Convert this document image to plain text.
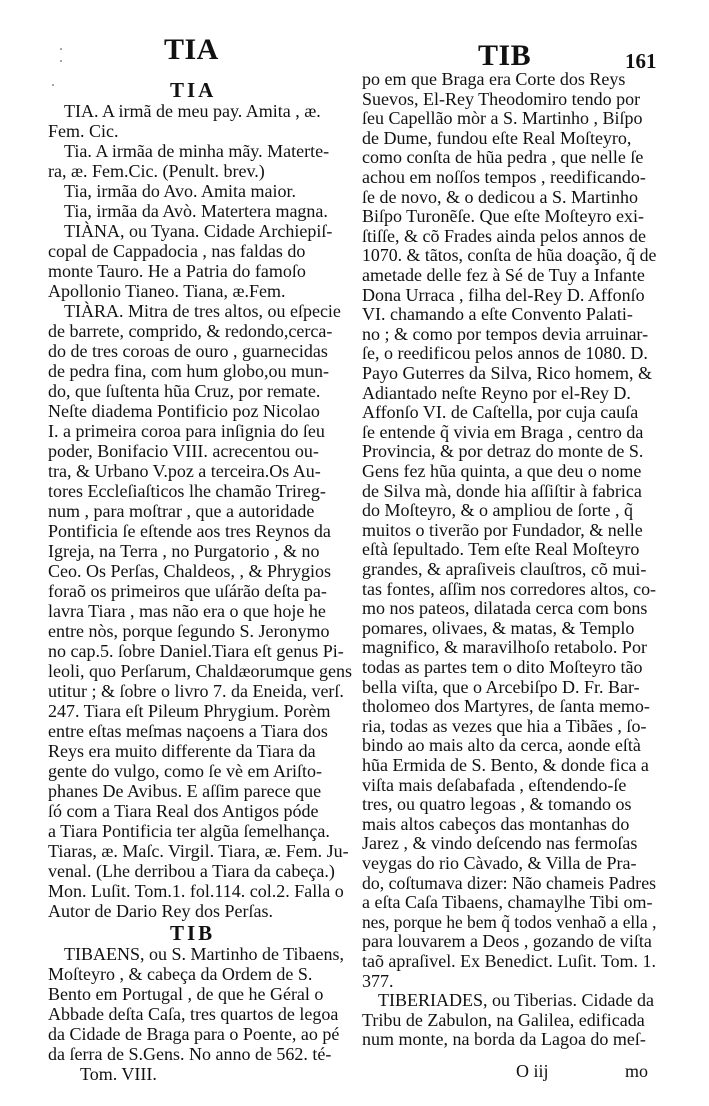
TIA	TIB	161
TIA
TIA. A irmã de meu pay. Amita , æ.
Fem. Cic.
Tia. A irmãa de minha mãy. Materte-
ra, æ. Fem.Cic. (Penult. brev.)
Tia, irmãa do Avo. Amita maior.
Tia, irmãa da Avò. Matertera magna.
TIÀNA, ou Tyana. Cidade Archiepiſ-
copal de Cappadocia , nas faldas do
monte Tauro. He a Patria do famoſo
Apollonio Tianeo. Tiana, æ.Fem.
TIÀRA. Mitra de tres altos, ou eſpecie
de barrete, comprido, & redondo,cerca-
do de tres coroas de ouro , guarnecidas
de pedra fina, com hum globo,ou mun-
do, que ſuſtenta hũa Cruz, por remate.
Neſte diadema Pontificio poz Nicolao
I. a primeira coroa para inſignia do ſeu
poder, Bonifacio VIII. acrecentou ou-
tra, & Urbano V.poz a terceira.Os Au-
tores Eccleſiaſticos lhe chamão Trireg-
num , para moſtrar , que a autoridade
Pontificia ſe eſtende aos tres Reynos da
Igreja, na Terra , no Purgatorio , & no
Ceo. Os Perſas, Chaldeos, , & Phrygios
foraõ os primeiros que uſárão deſta pa-
lavra Tiara , mas não era o que hoje he
entre nòs, porque ſegundo S. Jeronymo
no cap.5. ſobre Daniel.Tiara eſt genus Pi-
leoli, quo Perſarum, Chaldæorumque gens
utitur ; & ſobre o livro 7. da Eneida, verſ.
247. Tiara eſt Pileum Phrygium. Porèm
entre eſtas meſmas naçoens a Tiara dos
Reys era muito differente da Tiara da
gente do vulgo, como ſe vè em Ariſto-
phanes De Avibus. E aſſim parece que
ſó com a Tiara Real dos Antigos póde
a Tiara Pontificia ter algũa ſemelhança.
Tiaras, æ. Maſc. Virgil. Tiara, æ. Fem. Ju-
venal. (Lhe derribou a Tiara da cabeça.)
Mon. Luſit. Tom.1. fol.114. col.2. Falla o
Autor de Dario Rey dos Perſas.
TIB
TIBAENS, ou S. Martinho de Tibaens,
Moſteyro , & cabeça da Ordem de S.
Bento em Portugal , de que he Géral o
Abbade deſta Caſa, tres quartos de legoa
da Cidade de Braga para o Poente, ao pé
da ſerra de S.Gens. No anno de 562. té-
Tom. VIII.
po em que Braga era Corte dos Reys
Suevos, El-Rey Theodomiro tendo por
ſeu Capellão mòr a S. Martinho , Biſpo
de Dume, fundou eſte Real Moſteyro,
como conſta de hũa pedra , que nelle ſe
achou em noſſos tempos , reedificando-
ſe de novo, & o dedicou a S. Martinho
Biſpo Turonẽſe. Que eſte Moſteyro exi-
ſtiſſe, & cõ Frades ainda pelos annos de
1070. & tãtos, conſta de hũa doação, q̃ de
ametade delle fez à Sé de Tuy a Infante
Dona Urraca , filha del-Rey D. Affonſo
VI. chamando a eſte Convento Palati-
no ; & como por tempos devia arruinar-
ſe, o reedificou pelos annos de 1080. D.
Payo Guterres da Silva, Rico homem, &
Adiantado neſte Reyno por el-Rey D.
Affonſo VI. de Caſtella, por cuja cauſa
ſe entende q̃ vivia em Braga , centro da
Provincia, & por detraz do monte de S.
Gens fez hũa quinta, a que deu o nome
de Silva mà, donde hia aſſiſtir à fabrica
do Moſteyro, & o ampliou de ſorte , q̃
muitos o tiverão por Fundador, & nelle
eſtà ſepultado. Tem eſte Real Moſteyro
grandes, & apraſiveis clauſtros, cõ mui-
tas fontes, aſſim nos corredores altos, co-
mo nos pateos, dilatada cerca com bons
pomares, olivaes, & matas, & Templo
magnifico, & maravilhoſo retabolo. Por
todas as partes tem o dito Moſteyro tão
bella viſta, que o Arcebiſpo D. Fr. Bar-
tholomeo dos Martyres, de ſanta memo-
ria, todas as vezes que hia a Tibães , ſo-
bindo ao mais alto da cerca, aonde eſtà
hũa Ermida de S. Bento, & donde fica a
viſta mais deſabafada , eſtendendo-ſe
tres, ou quatro legoas , & tomando os
mais altos cabeços das montanhas do
Jarez , & vindo deſcendo nas fermoſas
veygas do rio Càvado, & Villa de Pra-
do, coſtumava dizer: Não chameis Padres
a eſta Caſa Tibaens, chamaylhe Tibi om-
nes, porque he bem q̃ todos venhaõ a ella ,
para louvarem a Deos , gozando de viſta
taõ apraſivel. Ex Benedict. Luſit. Tom. 1.
377.
TIBERIADES, ou Tiberias. Cidade da
Tribu de Zabulon, na Galilea, edificada
num monte, na borda da Lagoa do meſ-
O iij	mo
